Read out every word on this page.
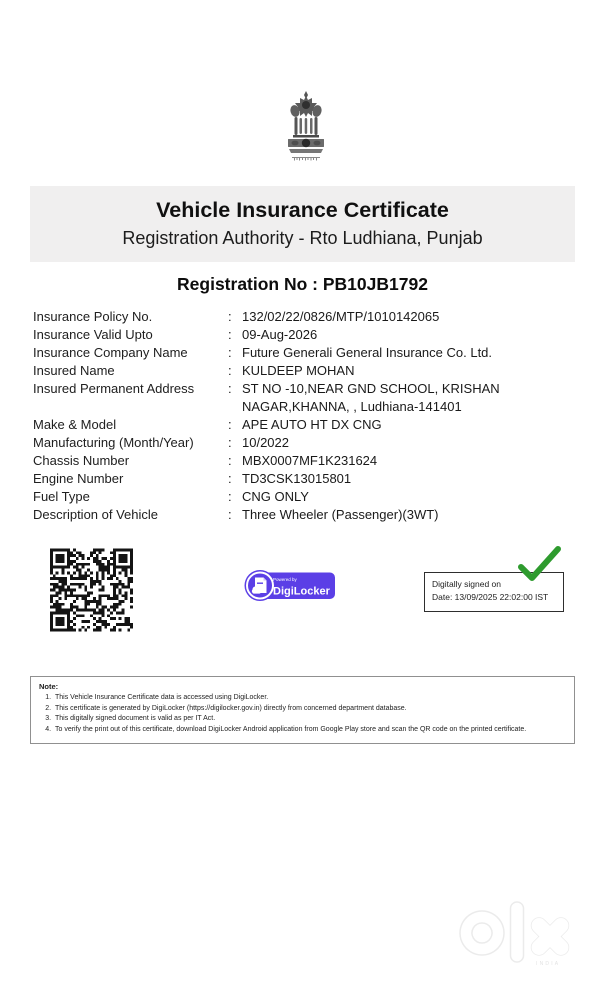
Vehicle Insurance Certificate
Registration Authority - Rto Ludhiana, Punjab
Registration No : PB10JB1792
Insurance Policy No.	: 132/02/22/0826/MTP/1010142065
Insurance Valid Upto	: 09-Aug-2026
Insurance Company Name	: Future Generali General Insurance Co. Ltd.
Insured Name	: KULDEEP MOHAN
Insured Permanent Address	: ST NO -10,NEAR GND SCHOOL, KRISHAN NAGAR,KHANNA, , Ludhiana-141401
Make & Model	: APE AUTO HT DX CNG
Manufacturing (Month/Year)	: 10/2022
Chassis Number	: MBX0007MF1K231624
Engine Number	: TD3CSK13015801
Fuel Type	: CNG ONLY
Description of Vehicle	: Three Wheeler (Passenger)(3WT)
Powered by
DigiLocker
Digitally signed on
Date: 13/09/2025 22:02:00 IST
Note:
1. This Vehicle Insurance Certificate data is accessed using DigiLocker.
2. This certificate is generated by DigiLocker (https://digilocker.gov.in) directly from concerned department database.
3. This digitally signed document is valid as per IT Act.
4. To verify the print out of this certificate, download DigiLocker Android application from Google Play store and scan the QR code on the printed certificate.
INDIA
